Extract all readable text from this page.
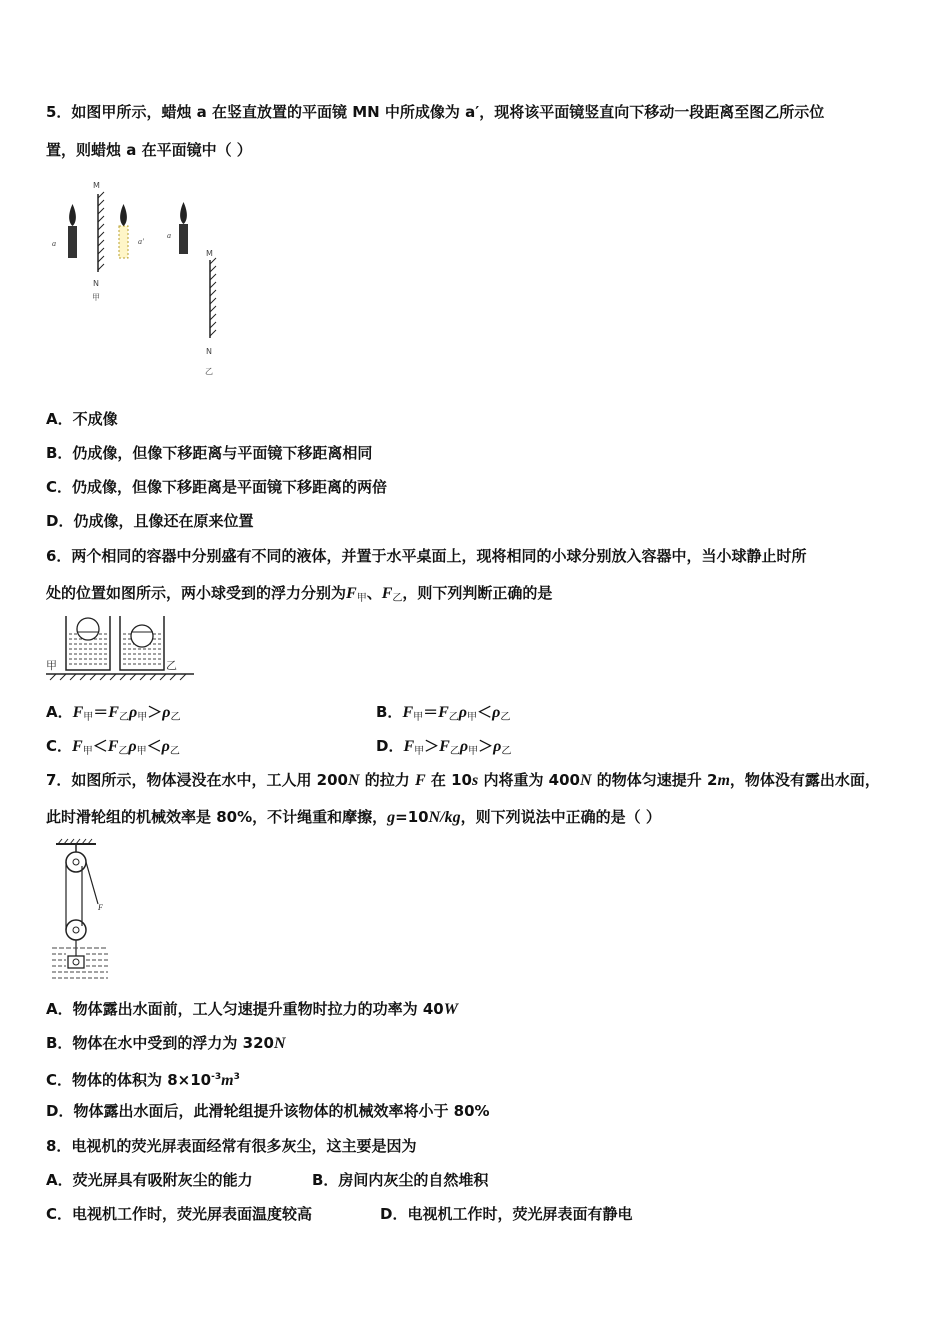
5．如图甲所示，蜡烛 a 在竖直放置的平面镜 MN 中所成像为 a′，现将该平面镜竖直向下移动一段距离至图乙所示位
置，则蜡烛 a 在平面镜中（ ）
a
M
N
甲
a′
a
M
N
乙
A．不成像
B．仍成像，但像下移距离与平面镜下移距离相同
C．仍成像，但像下移距离是平面镜下移距离的两倍
D．仍成像，且像还在原来位置
6．两个相同的容器中分别盛有不同的液体，并置于水平桌面上，现将相同的小球分别放入容器中，当小球静止时所
处的位置如图所示，两小球受到的浮力分别为$F_甲$、$F_乙$，则下列判断正确的是
甲	乙
A．$F_甲=F_乙\rho_甲>\rho_乙$	B．$F_甲=F_乙\rho_甲<\rho_乙$
C．$F_甲<F_乙\rho_甲<\rho_乙$	D．$F_甲>F_乙\rho_甲>\rho_乙$
7．如图所示，物体浸没在水中，工人用 200N 的拉力 F 在 10s 内将重为 400N 的物体匀速提升 2m，物体没有露出水面，
此时滑轮组的机械效率是 80%，不计绳重和摩擦，g=10N/kg，则下列说法中正确的是（ ）
F
A．物体露出水面前，工人匀速提升重物时拉力的功率为 40W
B．物体在水中受到的浮力为 320N
C．物体的体积为 $8\times 10^{-3}m^3$
D．物体露出水面后，此滑轮组提升该物体的机械效率将小于 80%
8．电视机的荧光屏表面经常有很多灰尘，这主要是因为
A．荧光屏具有吸附灰尘的能力	B．房间内灰尘的自然堆积
C．电视机工作时，荧光屏表面温度较高	D．电视机工作时，荧光屏表面有静电
